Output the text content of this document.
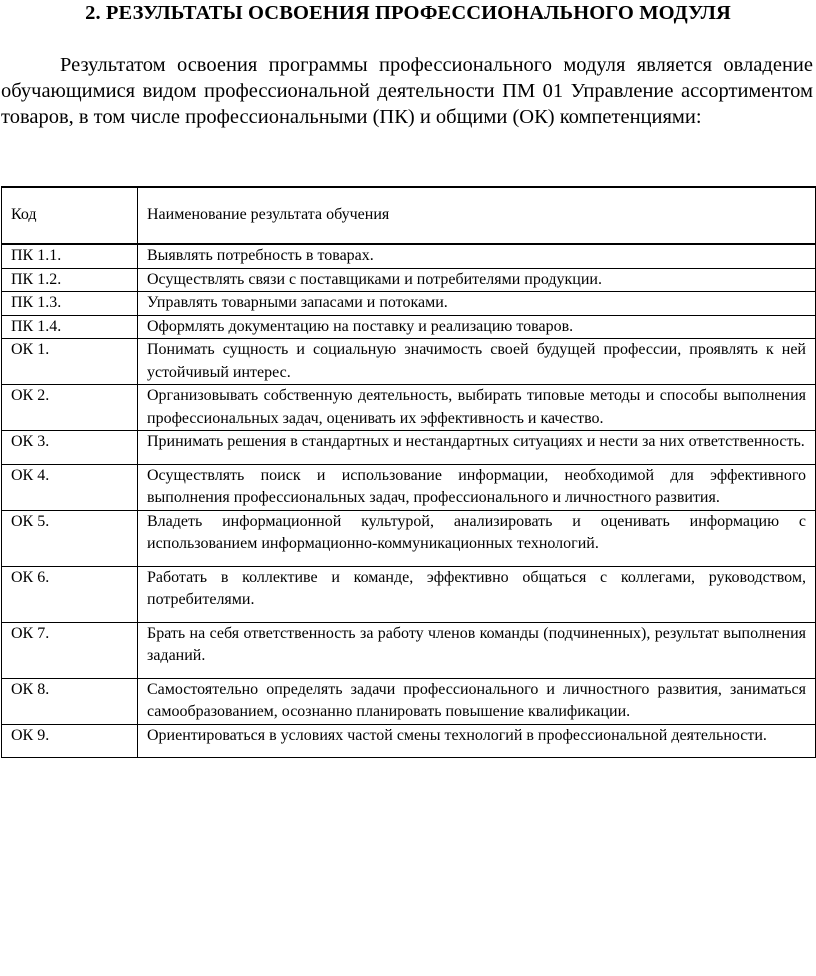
2. РЕЗУЛЬТАТЫ ОСВОЕНИЯ ПРОФЕССИОНАЛЬНОГО МОДУЛЯ

Результатом освоения программы профессионального модуля является овладение обучающимися видом профессиональной деятельности ПМ 01 Управление ассортиментом товаров, в том числе профессиональными (ПК) и общими (ОК) компетенциями:

Код	Наименование результата обучения
ПК 1.1.	Выявлять потребность в товарах.
ПК 1.2.	Осуществлять связи с поставщиками и потребителями продукции.
ПК 1.3.	Управлять товарными запасами и потоками.
ПК 1.4.	Оформлять документацию на поставку и реализацию товаров.
ОК 1.	Понимать сущность и социальную значимость своей будущей профессии, проявлять к ней устойчивый интерес.
ОК 2.	Организовывать собственную деятельность, выбирать типовые методы и способы выполнения профессиональных задач, оценивать их эффективность и качество.
ОК 3.	Принимать решения в стандартных и нестандартных ситуациях и нести за них ответственность.
ОК 4.	Осуществлять поиск и использование информации, необходимой для эффективного выполнения профессиональных задач, профессионального и личностного развития.
ОК 5.	Владеть информационной культурой, анализировать и оценивать информацию с использованием информационно-коммуникационных технологий.
ОК 6.	Работать в коллективе и команде, эффективно общаться с коллегами, руководством, потребителями.
ОК 7.	Брать на себя ответственность за работу членов команды (подчиненных), результат выполнения заданий.
ОК 8.	Самостоятельно определять задачи профессионального и личностного развития, заниматься самообразованием, осознанно планировать повышение квалификации.
ОК 9.	Ориентироваться в условиях частой смены технологий в профессиональной деятельности.
